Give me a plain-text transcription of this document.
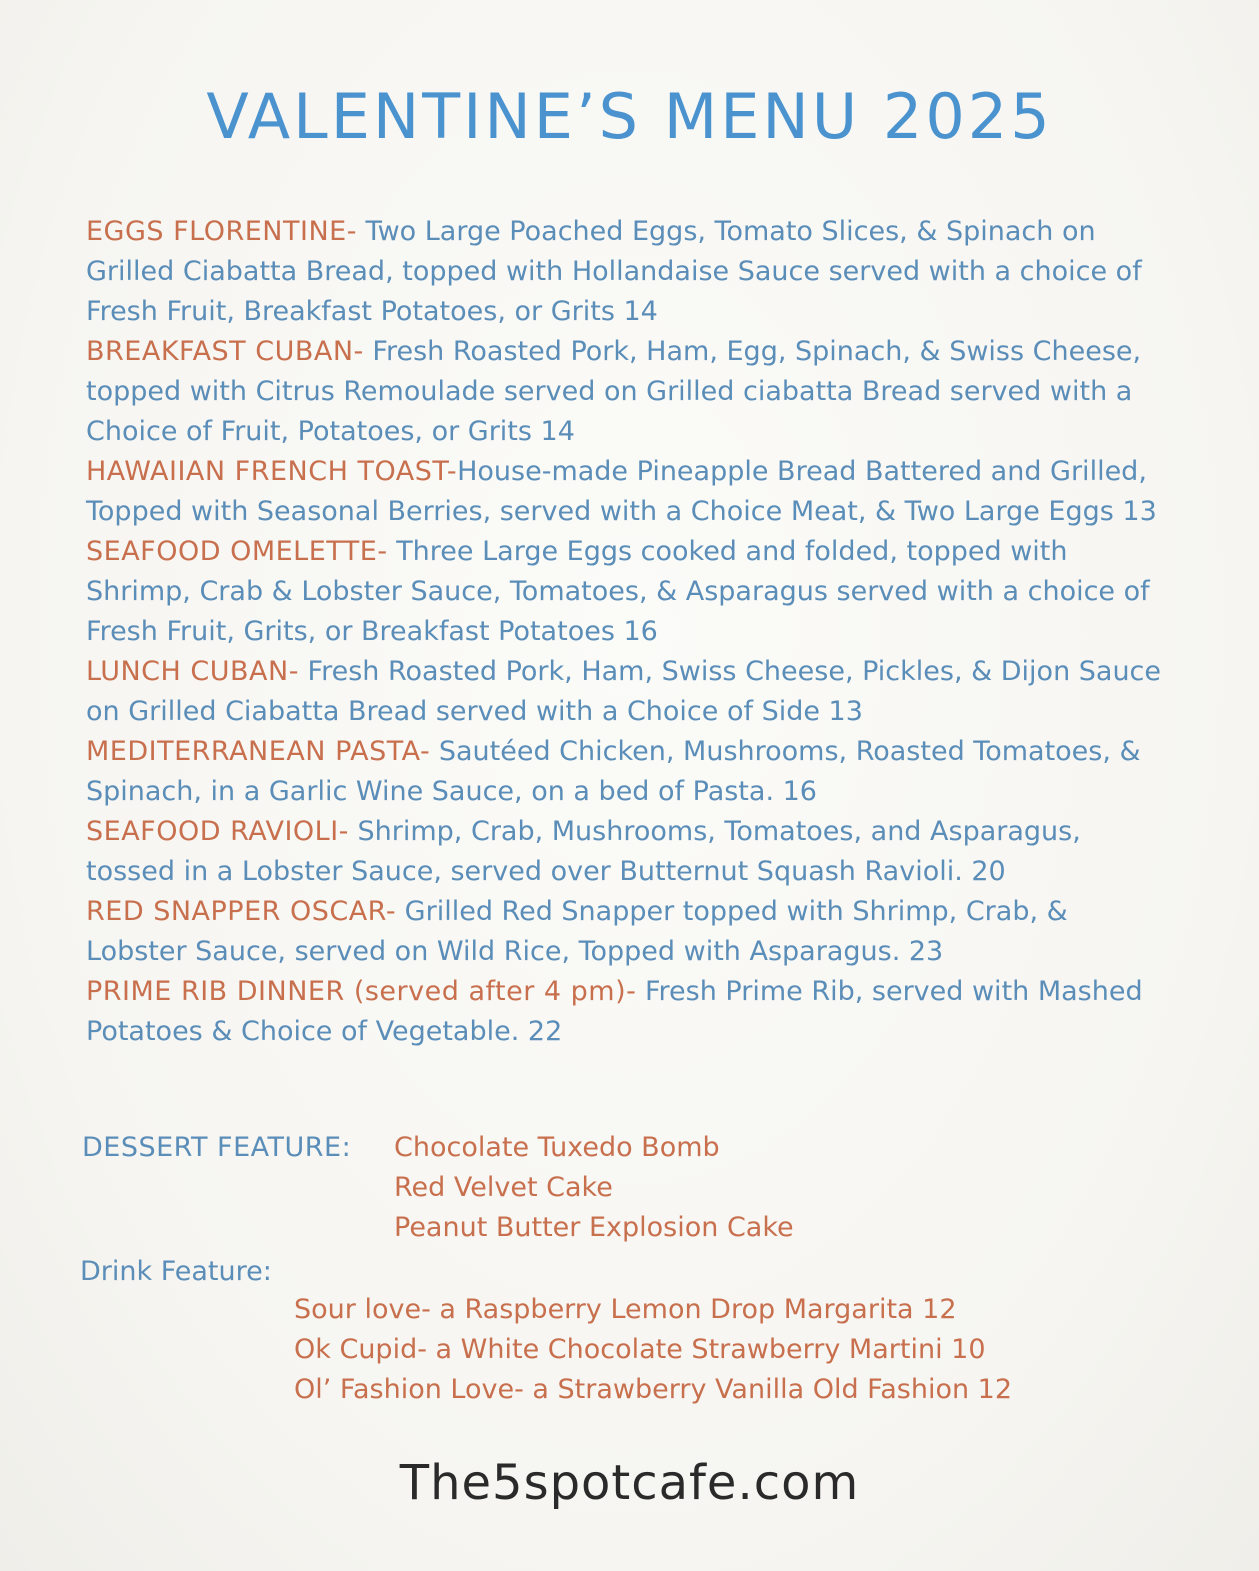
VALENTINE’S MENU 2025

EGGS FLORENTINE- Two Large Poached Eggs, Tomato Slices, & Spinach on Grilled Ciabatta Bread, topped with Hollandaise Sauce served with a choice of Fresh Fruit, Breakfast Potatoes, or Grits 14

BREAKFAST CUBAN- Fresh Roasted Pork, Ham, Egg, Spinach, & Swiss Cheese, topped with Citrus Remoulade served on Grilled ciabatta Bread served with a Choice of Fruit, Potatoes, or Grits 14

HAWAIIAN FRENCH TOAST-House-made Pineapple Bread Battered and Grilled, Topped with Seasonal Berries, served with a Choice Meat, & Two Large Eggs 13

SEAFOOD OMELETTE- Three Large Eggs cooked and folded, topped with Shrimp, Crab & Lobster Sauce, Tomatoes, & Asparagus served with a choice of Fresh Fruit, Grits, or Breakfast Potatoes 16

LUNCH CUBAN- Fresh Roasted Pork, Ham, Swiss Cheese, Pickles, & Dijon Sauce on Grilled Ciabatta Bread served with a Choice of Side 13

MEDITERRANEAN PASTA- Sautéed Chicken, Mushrooms, Roasted Tomatoes, & Spinach, in a Garlic Wine Sauce, on a bed of Pasta. 16

SEAFOOD RAVIOLI- Shrimp, Crab, Mushrooms, Tomatoes, and Asparagus, tossed in a Lobster Sauce, served over Butternut Squash Ravioli. 20

RED SNAPPER OSCAR- Grilled Red Snapper topped with Shrimp, Crab, & Lobster Sauce, served on Wild Rice, Topped with Asparagus. 23

PRIME RIB DINNER (served after 4 pm)- Fresh Prime Rib, served with Mashed Potatoes & Choice of Vegetable. 22

DESSERT FEATURE: Chocolate Tuxedo Bomb
Red Velvet Cake
Peanut Butter Explosion Cake
Drink Feature:
Sour love- a Raspberry Lemon Drop Margarita 12
Ok Cupid- a White Chocolate Strawberry Martini 10
Ol’ Fashion Love- a Strawberry Vanilla Old Fashion 12
The5spotcafe.com
